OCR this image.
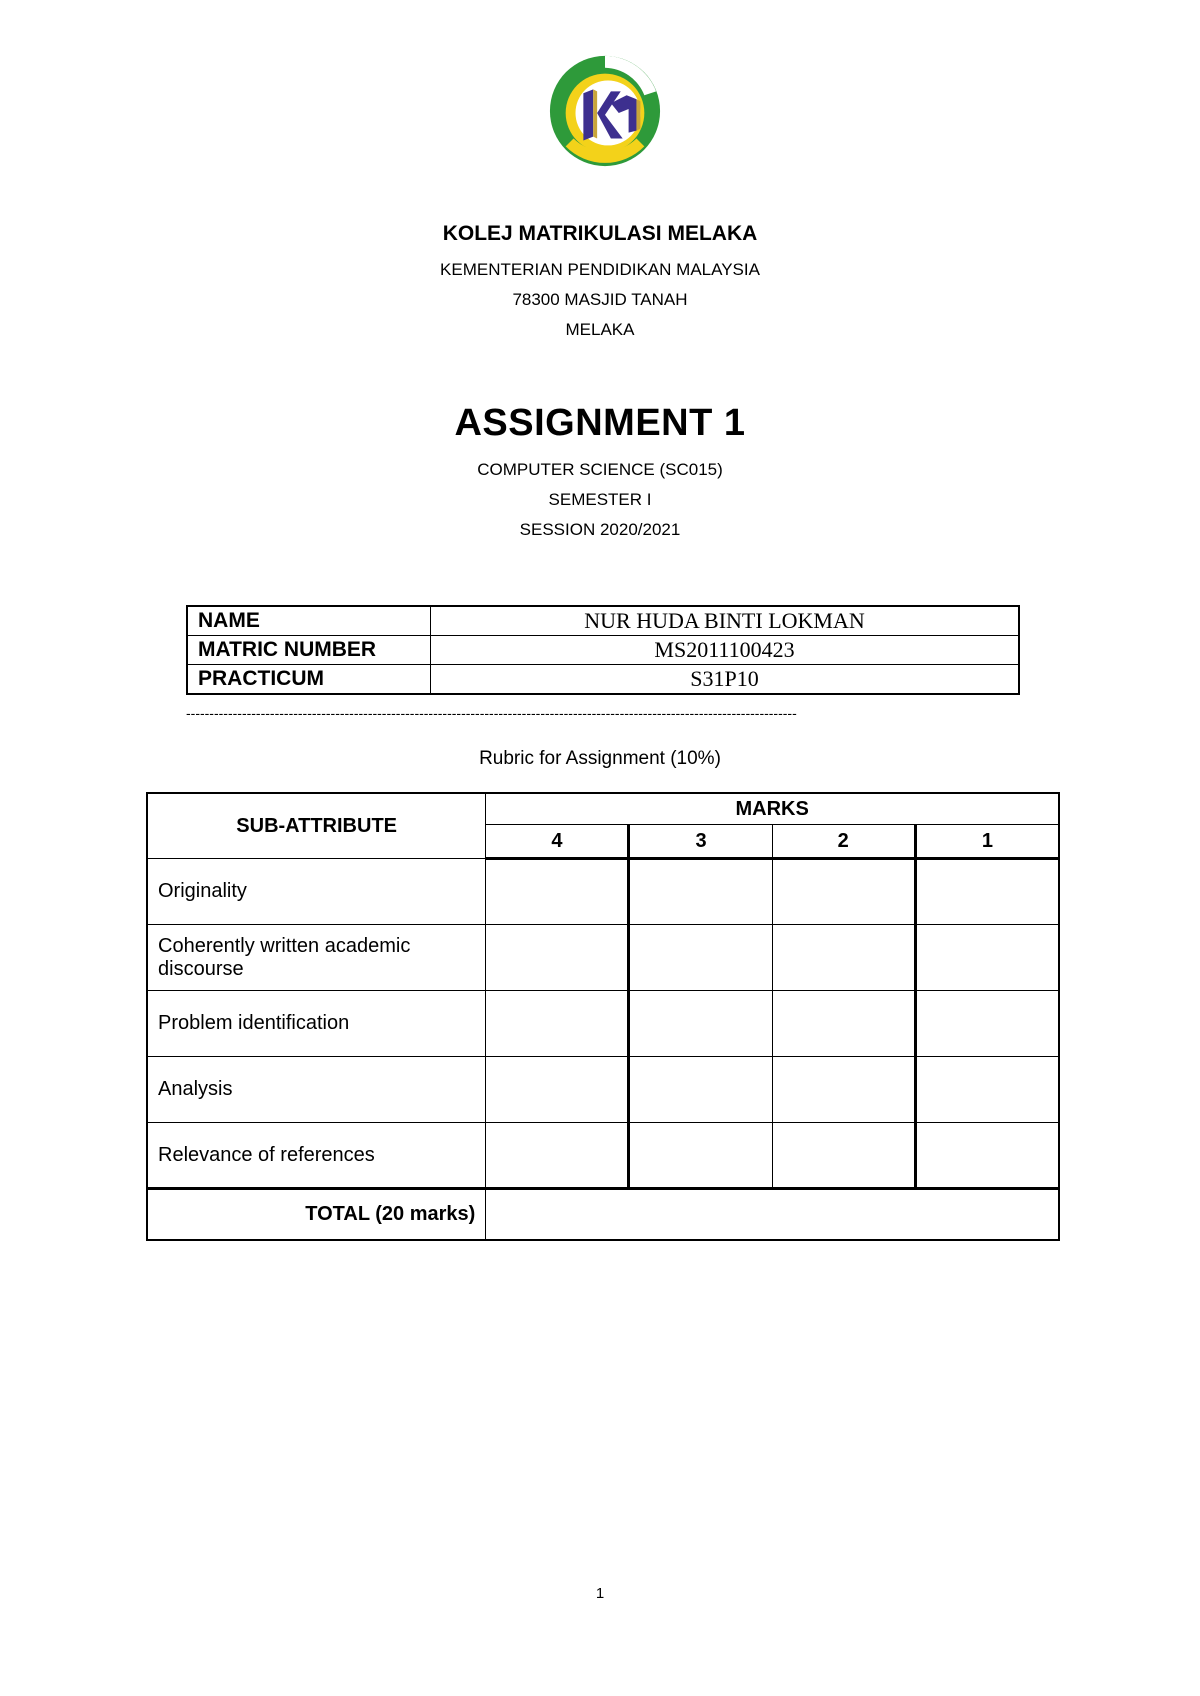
KOLEJ MATRIKULASI MELAKA
KEMENTERIAN PENDIDIKAN MALAYSIA
78300 MASJID TANAH
MELAKA
ASSIGNMENT 1
COMPUTER SCIENCE (SC015)
SEMESTER I
SESSION 2020/2021
NAME	NUR HUDA BINTI LOKMAN
MATRIC NUMBER	MS2011100423
PRACTICUM	S31P10
-----------------------------------------------------------------------------------------------------------------------------------
Rubric for Assignment (10%)
SUB-ATTRIBUTE	MARKS			
	4	3	2	1
Originality				
Coherently written academic discourse				
Problem identification				
Analysis				
Relevance of references				
TOTAL (20 marks)				
1
